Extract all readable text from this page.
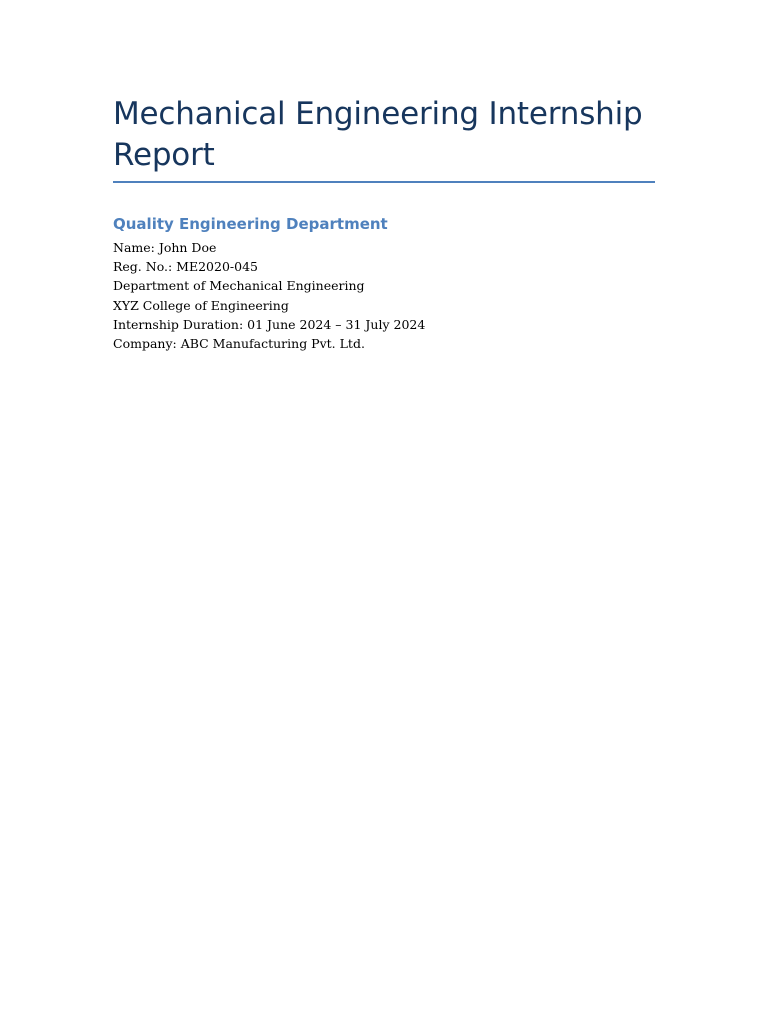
Mechanical Engineering Internship Report
Quality Engineering Department
Name: John Doe
Reg. No.: ME2020-045
Department of Mechanical Engineering
XYZ College of Engineering
Internship Duration: 01 June 2024 – 31 July 2024
Company: ABC Manufacturing Pvt. Ltd.
